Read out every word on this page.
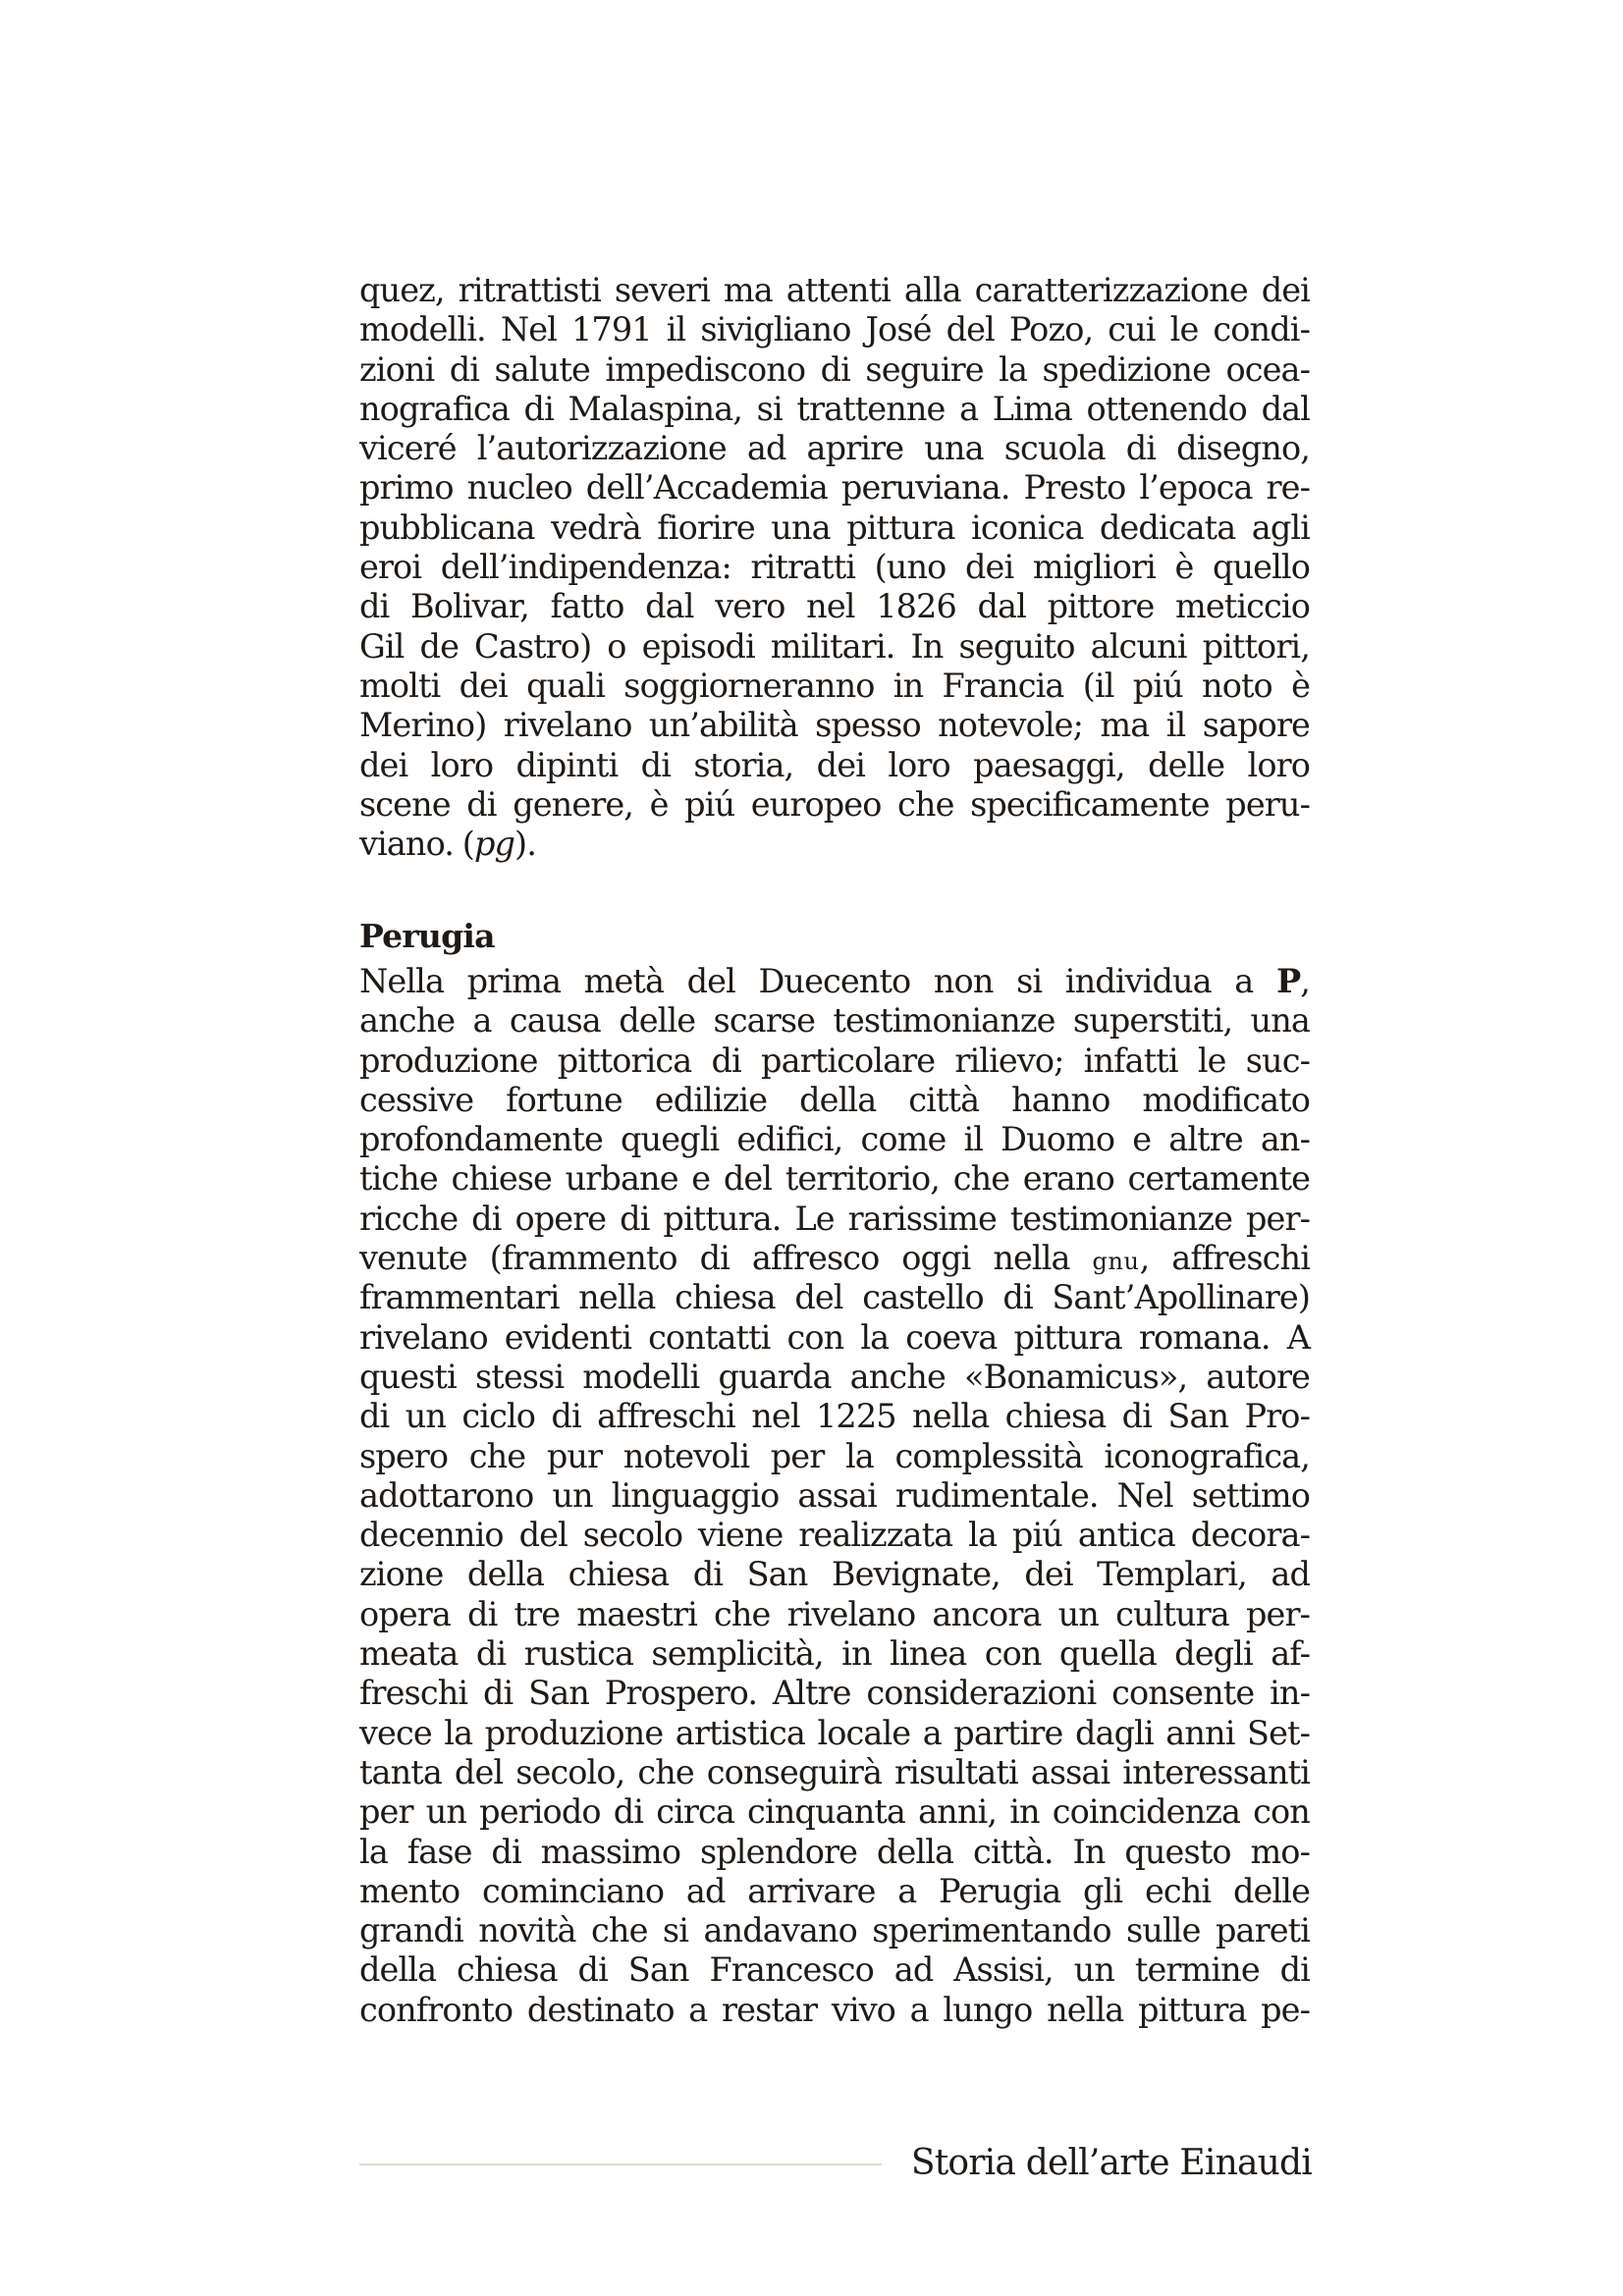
quez, ritrattisti severi ma attenti alla caratterizzazione dei
modelli. Nel 1791 il sivigliano José del Pozo, cui le condi-
zioni di salute impediscono di seguire la spedizione ocea-
nografica di Malaspina, si trattenne a Lima ottenendo dal
viceré l’autorizzazione ad aprire una scuola di disegno,
primo nucleo dell’Accademia peruviana. Presto l’epoca re-
pubblicana vedrà fiorire una pittura iconica dedicata agli
eroi dell’indipendenza: ritratti (uno dei migliori è quello
di Bolivar, fatto dal vero nel 1826 dal pittore meticcio
Gil de Castro) o episodi militari. In seguito alcuni pittori,
molti dei quali soggiorneranno in Francia (il piú noto è
Merino) rivelano un’abilità spesso notevole; ma il sapore
dei loro dipinti di storia, dei loro paesaggi, delle loro
scene di genere, è piú europeo che specificamente peru-
viano. (pg).
Perugia
Nella prima metà del Duecento non si individua a P,
anche a causa delle scarse testimonianze superstiti, una
produzione pittorica di particolare rilievo; infatti le suc-
cessive fortune edilizie della città hanno modificato
profondamente quegli edifici, come il Duomo e altre an-
tiche chiese urbane e del territorio, che erano certamente
ricche di opere di pittura. Le rarissime testimonianze per-
venute (frammento di affresco oggi nella gnu, affreschi
frammentari nella chiesa del castello di Sant’Apollinare)
rivelano evidenti contatti con la coeva pittura romana. A
questi stessi modelli guarda anche «Bonamicus», autore
di un ciclo di affreschi nel 1225 nella chiesa di San Pro-
spero che pur notevoli per la complessità iconografica,
adottarono un linguaggio assai rudimentale. Nel settimo
decennio del secolo viene realizzata la piú antica decora-
zione della chiesa di San Bevignate, dei Templari, ad
opera di tre maestri che rivelano ancora un cultura per-
meata di rustica semplicità, in linea con quella degli af-
freschi di San Prospero. Altre considerazioni consente in-
vece la produzione artistica locale a partire dagli anni Set-
tanta del secolo, che conseguirà risultati assai interessanti
per un periodo di circa cinquanta anni, in coincidenza con
la fase di massimo splendore della città. In questo mo-
mento cominciano ad arrivare a Perugia gli echi delle
grandi novità che si andavano sperimentando sulle pareti
della chiesa di San Francesco ad Assisi, un termine di
confronto destinato a restar vivo a lungo nella pittura pe-
Storia dell’arte Einaudi
